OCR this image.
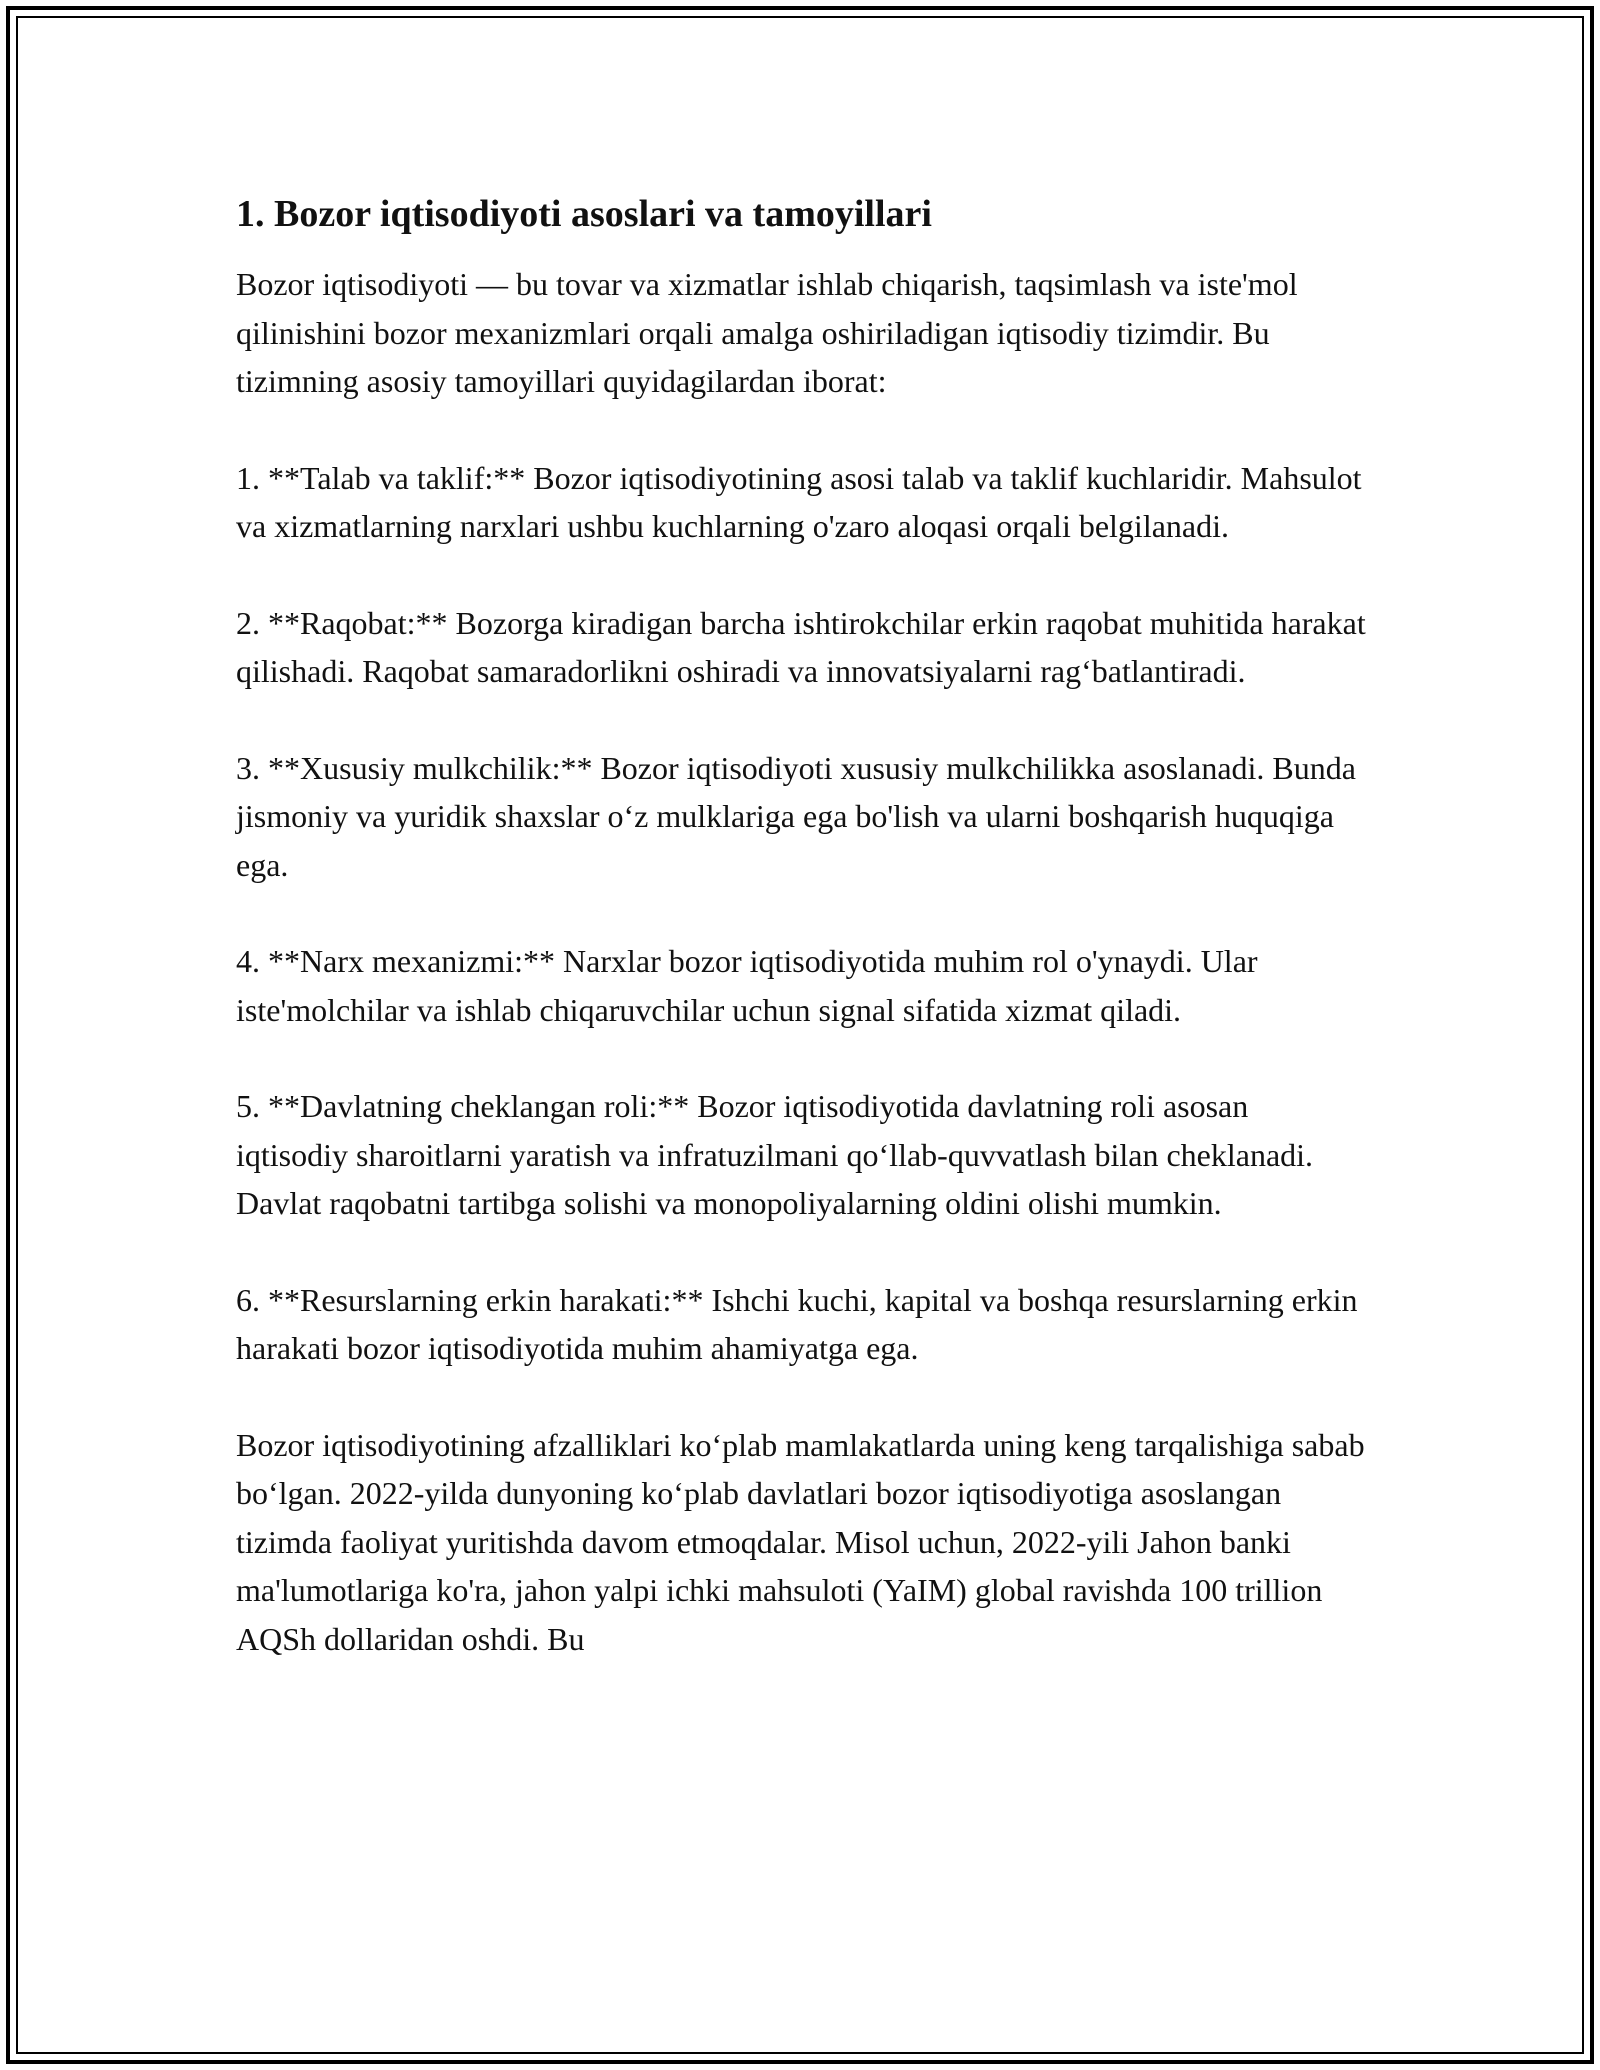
1. Bozor iqtisodiyoti asoslari va tamoyillari
Bozor iqtisodiyoti — bu tovar va xizmatlar ishlab chiqarish, taqsimlash va iste'mol qilinishini bozor mexanizmlari orqali amalga oshiriladigan iqtisodiy tizimdir. Bu tizimning asosiy tamoyillari quyidagilardan iborat:
1. **Talab va taklif:** Bozor iqtisodiyotining asosi talab va taklif kuchlaridir. Mahsulot va xizmatlarning narxlari ushbu kuchlarning o'zaro aloqasi orqali belgilanadi.
2. **Raqobat:** Bozorga kiradigan barcha ishtirokchilar erkin raqobat muhitida harakat qilishadi. Raqobat samaradorlikni oshiradi va innovatsiyalarni rag‘batlantiradi.
3. **Xususiy mulkchilik:** Bozor iqtisodiyoti xususiy mulkchilikka asoslanadi. Bunda jismoniy va yuridik shaxslar o‘z mulklariga ega bo'lish va ularni boshqarish huquqiga ega.
4. **Narx mexanizmi:** Narxlar bozor iqtisodiyotida muhim rol o'ynaydi. Ular iste'molchilar va ishlab chiqaruvchilar uchun signal sifatida xizmat qiladi.
5. **Davlatning cheklangan roli:** Bozor iqtisodiyotida davlatning roli asosan iqtisodiy sharoitlarni yaratish va infratuzilmani qo‘llab-quvvatlash bilan cheklanadi. Davlat raqobatni tartibga solishi va monopoliyalarning oldini olishi mumkin.
6. **Resurslarning erkin harakati:** Ishchi kuchi, kapital va boshqa resurslarning erkin harakati bozor iqtisodiyotida muhim ahamiyatga ega.
Bozor iqtisodiyotining afzalliklari ko‘plab mamlakatlarda uning keng tarqalishiga sabab bo‘lgan. 2022-yilda dunyoning ko‘plab davlatlari bozor iqtisodiyotiga asoslangan tizimda faoliyat yuritishda davom etmoqdalar. Misol uchun, 2022-yili Jahon banki ma'lumotlariga ko'ra, jahon yalpi ichki mahsuloti (YaIM) global ravishda 100 trillion AQSh dollaridan oshdi. Bu
